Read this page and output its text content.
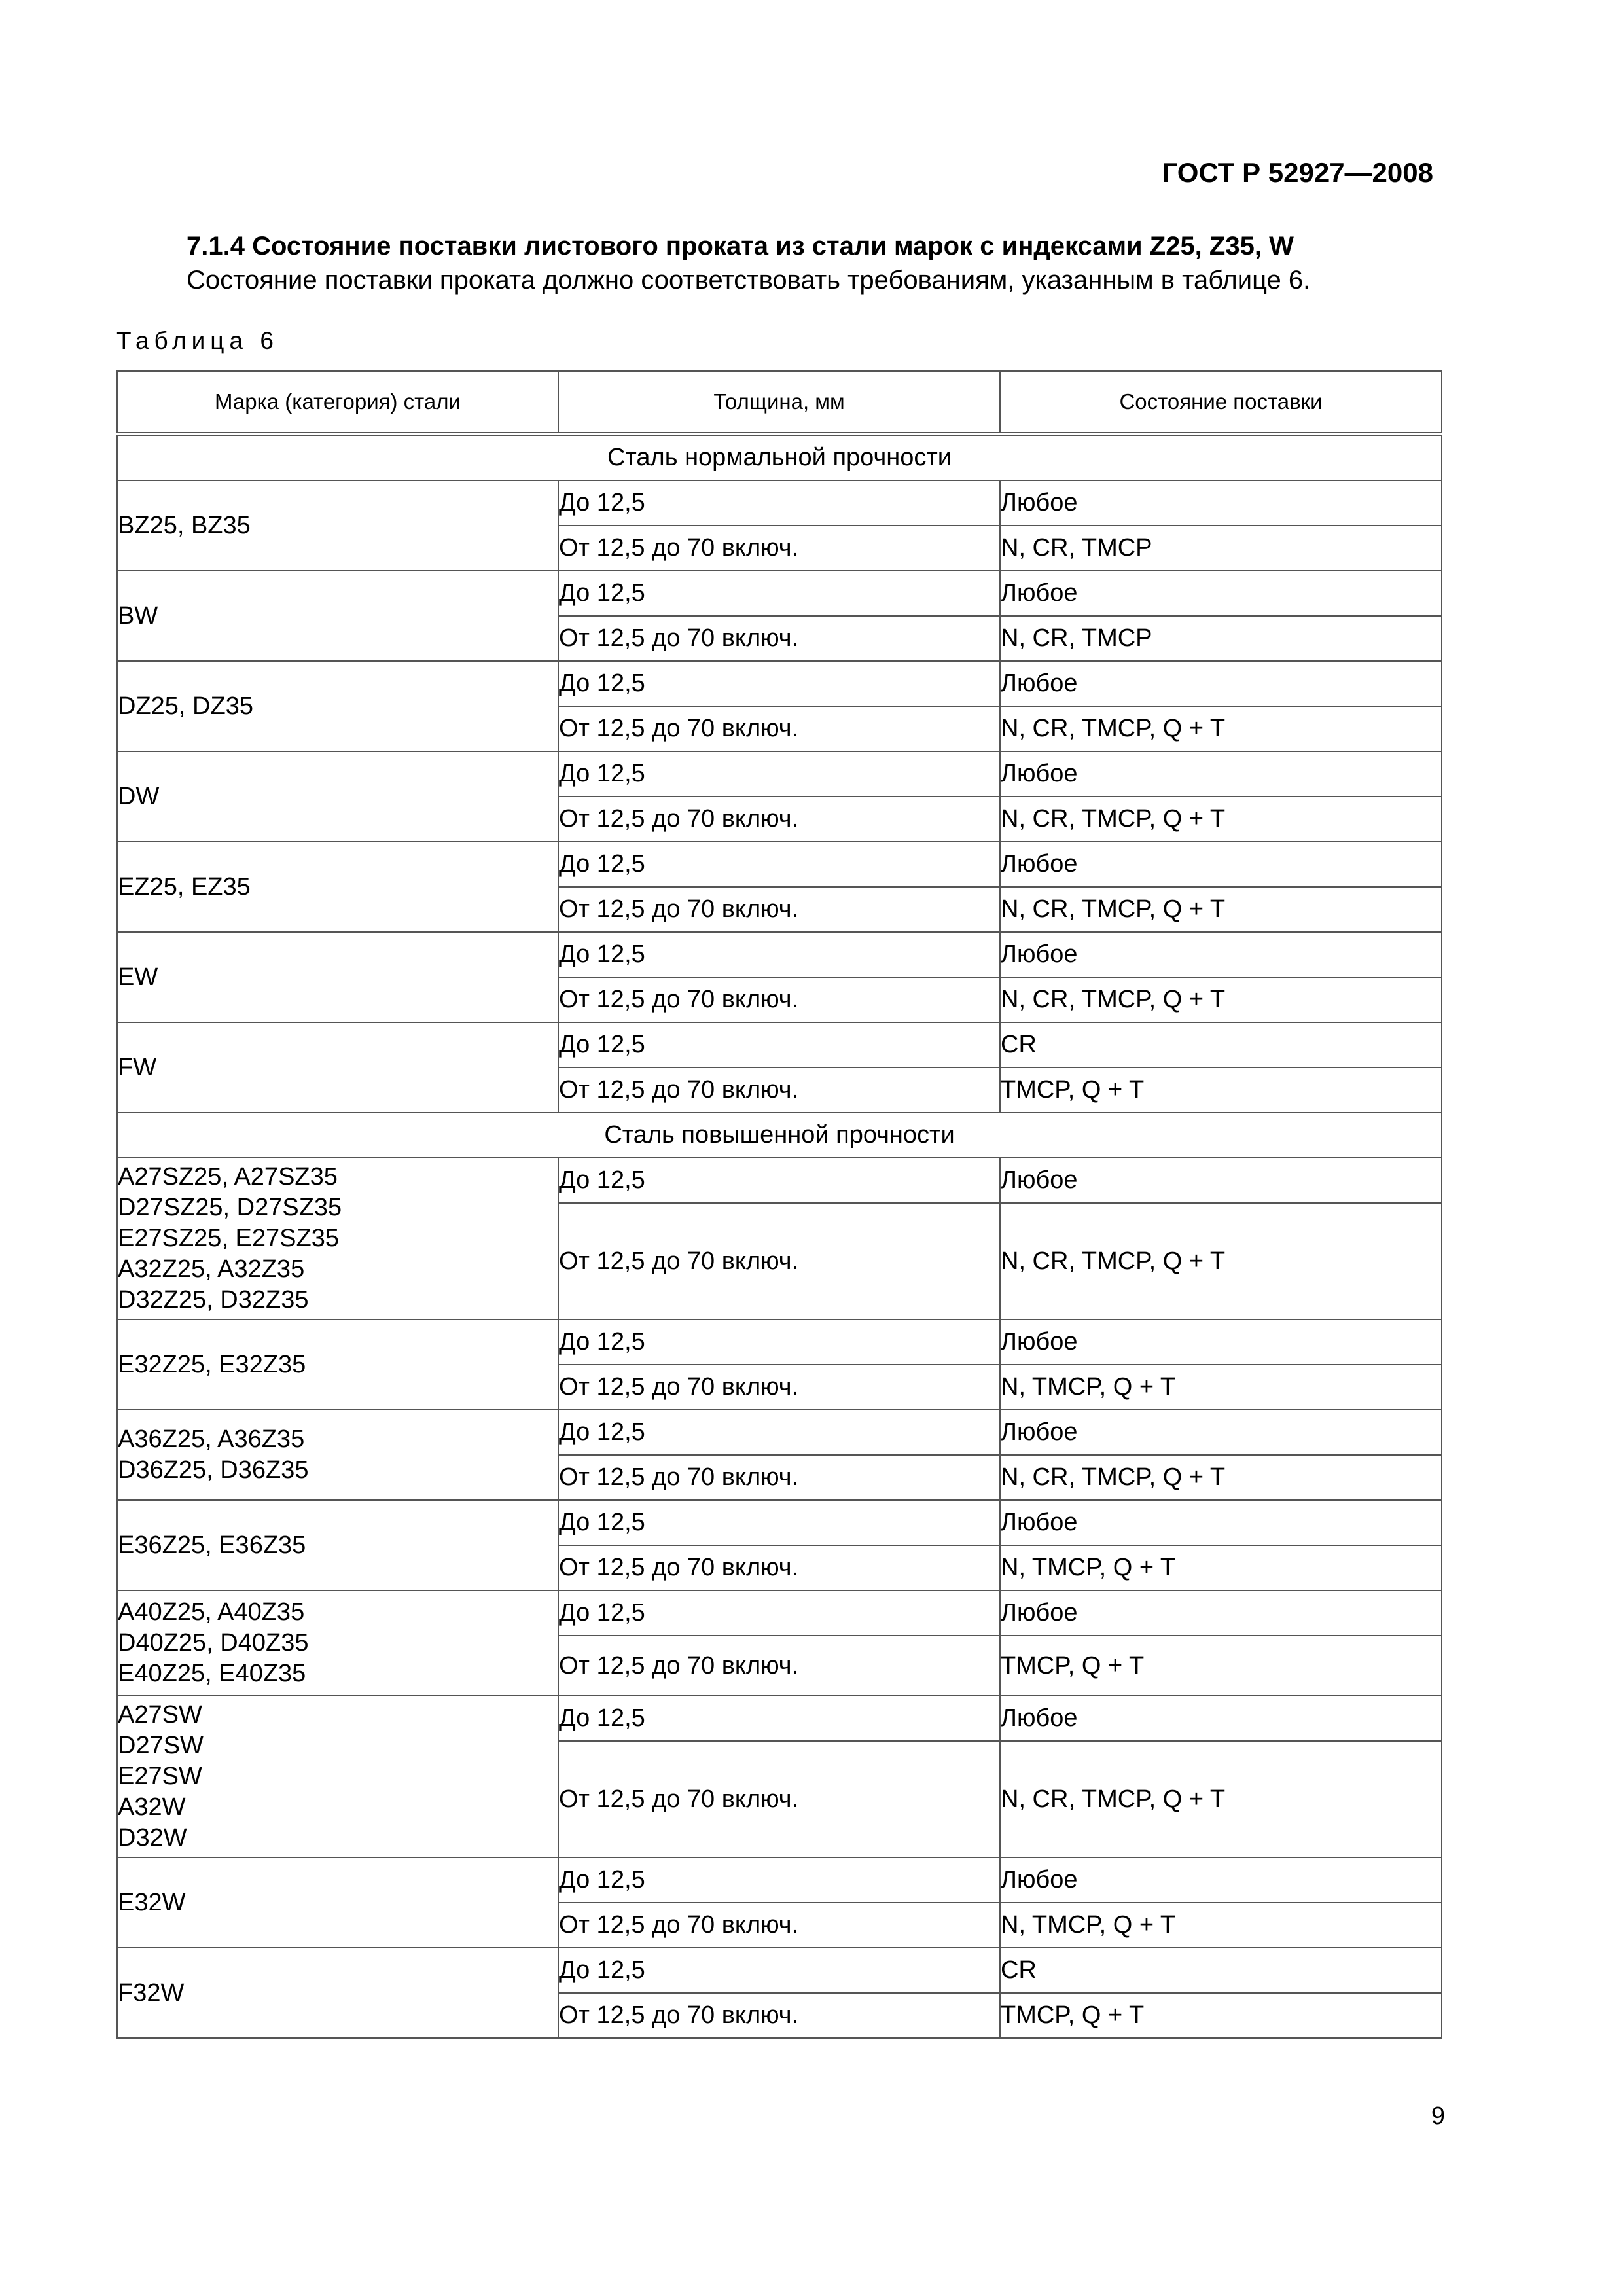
ГОСТ Р 52927—2008
7.1.4 Состояние поставки листового проката из стали марок с индексами Z25, Z35, W
Состояние поставки проката должно соответствовать требованиям, указанным в таблице 6.
Таблица 6
Марка (категория) стали	Толщина, мм	Состояние поставки
Сталь нормальной прочности		

BZ25, BZ35	До 12,5	Любое
	От 12,5 до 70 включ.	N, CR, TMCP

BW	До 12,5	Любое
	От 12,5 до 70 включ.	N, CR, TMCP

DZ25, DZ35	До 12,5	Любое
	От 12,5 до 70 включ.	N, CR, TMCP, Q + T

DW	До 12,5	Любое
	От 12,5 до 70 включ.	N, CR, TMCP, Q + T

EZ25, EZ35	До 12,5	Любое
	От 12,5 до 70 включ.	N, CR, TMCP, Q + T

EW	До 12,5	Любое
	От 12,5 до 70 включ.	N, CR, TMCP, Q + T

FW	До 12,5	CR
	От 12,5 до 70 включ.	TMCP, Q + T
Сталь повышенной прочности		

A27SZ25, A27SZ35
D27SZ25, D27SZ35
E27SZ25, E27SZ35
A32Z25, A32Z35
D32Z25, D32Z35	До 12,5	Любое
	От 12,5 до 70 включ.	N, CR, TMCP, Q + T

E32Z25, E32Z35	До 12,5	Любое
	От 12,5 до 70 включ.	N, TMCP, Q + T

A36Z25, A36Z35
D36Z25, D36Z35	До 12,5	Любое
	От 12,5 до 70 включ.	N, CR, TMCP, Q + T

E36Z25, E36Z35	До 12,5	Любое
	От 12,5 до 70 включ.	N, TMCP, Q + T

A40Z25, A40Z35
D40Z25, D40Z35
E40Z25, E40Z35	До 12,5	Любое
	От 12,5 до 70 включ.	TMCP, Q + T

A27SW
D27SW
E27SW
A32W
D32W	До 12,5	Любое
	От 12,5 до 70 включ.	N, CR, TMCP, Q + T

E32W	До 12,5	Любое
	От 12,5 до 70 включ.	N, TMCP, Q + T

F32W	До 12,5	CR
	От 12,5 до 70 включ.	TMCP, Q + T
9
